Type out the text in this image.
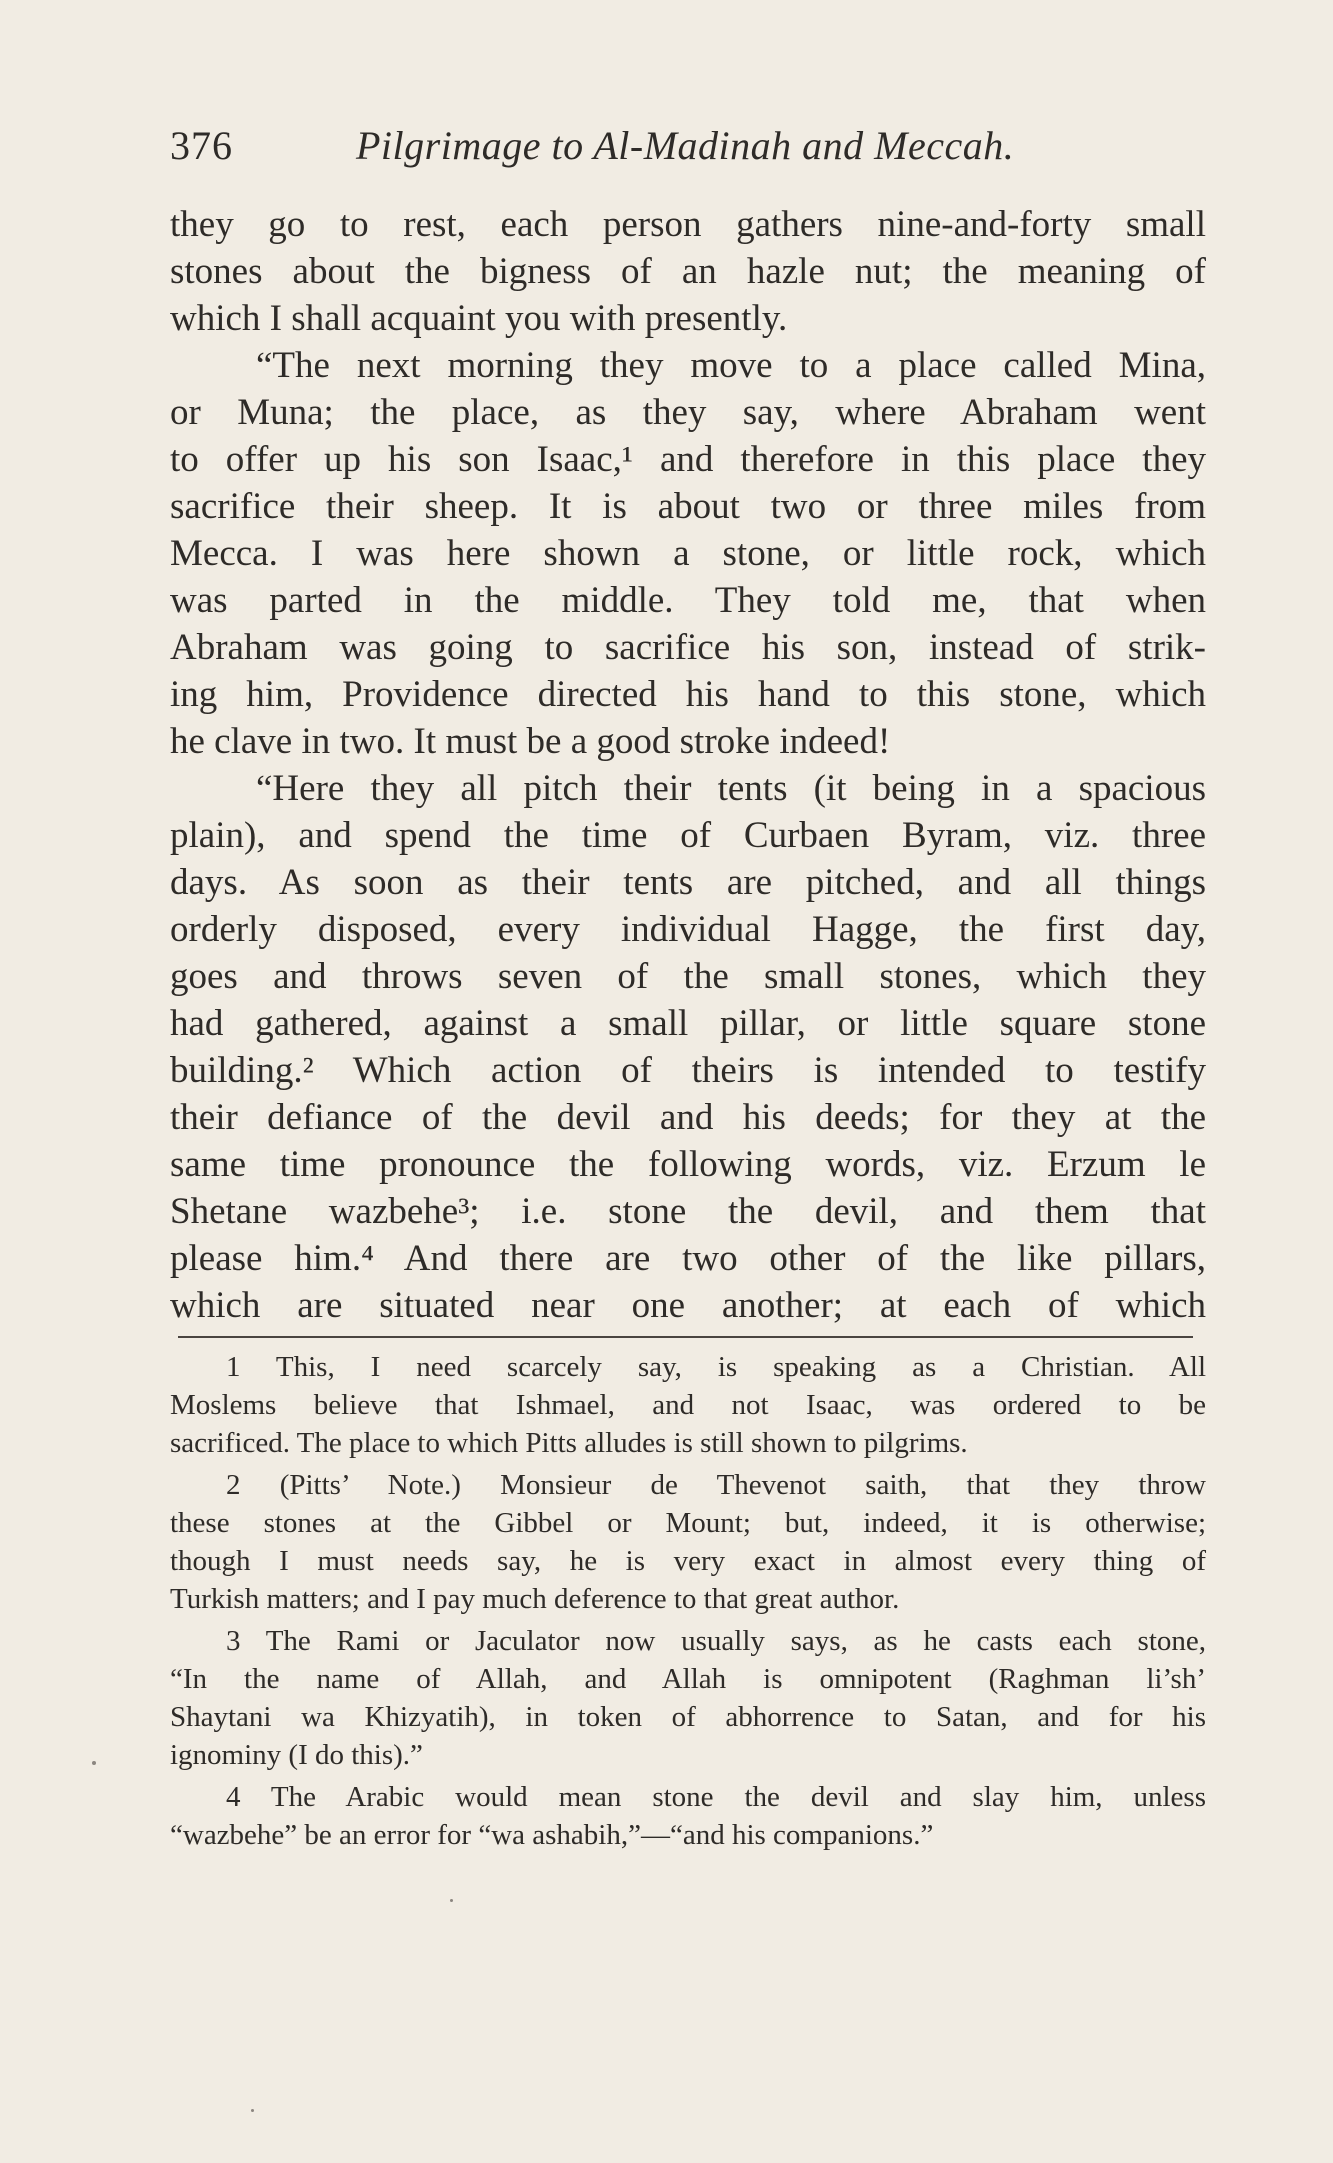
376	Pilgrimage to Al-Madinah and Meccah.
they go to rest, each person gathers nine-and-forty small
stones about the bigness of an hazle nut; the meaning of
which I shall acquaint you with presently.
“The next morning they move to a place called Mina,
or Muna; the place, as they say, where Abraham went
to offer up his son Isaac,¹ and therefore in this place they
sacrifice their sheep. It is about two or three miles from
Mecca. I was here shown a stone, or little rock, which
was parted in the middle. They told me, that when
Abraham was going to sacrifice his son, instead of strik-
ing him, Providence directed his hand to this stone, which
he clave in two. It must be a good stroke indeed!
“Here they all pitch their tents (it being in a spacious
plain), and spend the time of Curbaen Byram, viz. three
days. As soon as their tents are pitched, and all things
orderly disposed, every individual Hagge, the first day,
goes and throws seven of the small stones, which they
had gathered, against a small pillar, or little square stone
building.² Which action of theirs is intended to testify
their defiance of the devil and his deeds; for they at the
same time pronounce the following words, viz. Erzum le
Shetane wazbehe³; i.e. stone the devil, and them that
please him.⁴ And there are two other of the like pillars,
which are situated near one another; at each of which
1 This, I need scarcely say, is speaking as a Christian. All
Moslems believe that Ishmael, and not Isaac, was ordered to be
sacrificed. The place to which Pitts alludes is still shown to pilgrims.
2 (Pitts’ Note.) Monsieur de Thevenot saith, that they throw
these stones at the Gibbel or Mount; but, indeed, it is otherwise;
though I must needs say, he is very exact in almost every thing of
Turkish matters; and I pay much deference to that great author.
3 The Rami or Jaculator now usually says, as he casts each stone,
“In the name of Allah, and Allah is omnipotent (Raghman li’sh’
Shaytani wa Khizyatih), in token of abhorrence to Satan, and for his
ignominy (I do this).”
4 The Arabic would mean stone the devil and slay him, unless
“wazbehe” be an error for “wa ashabih,”—“and his companions.”
